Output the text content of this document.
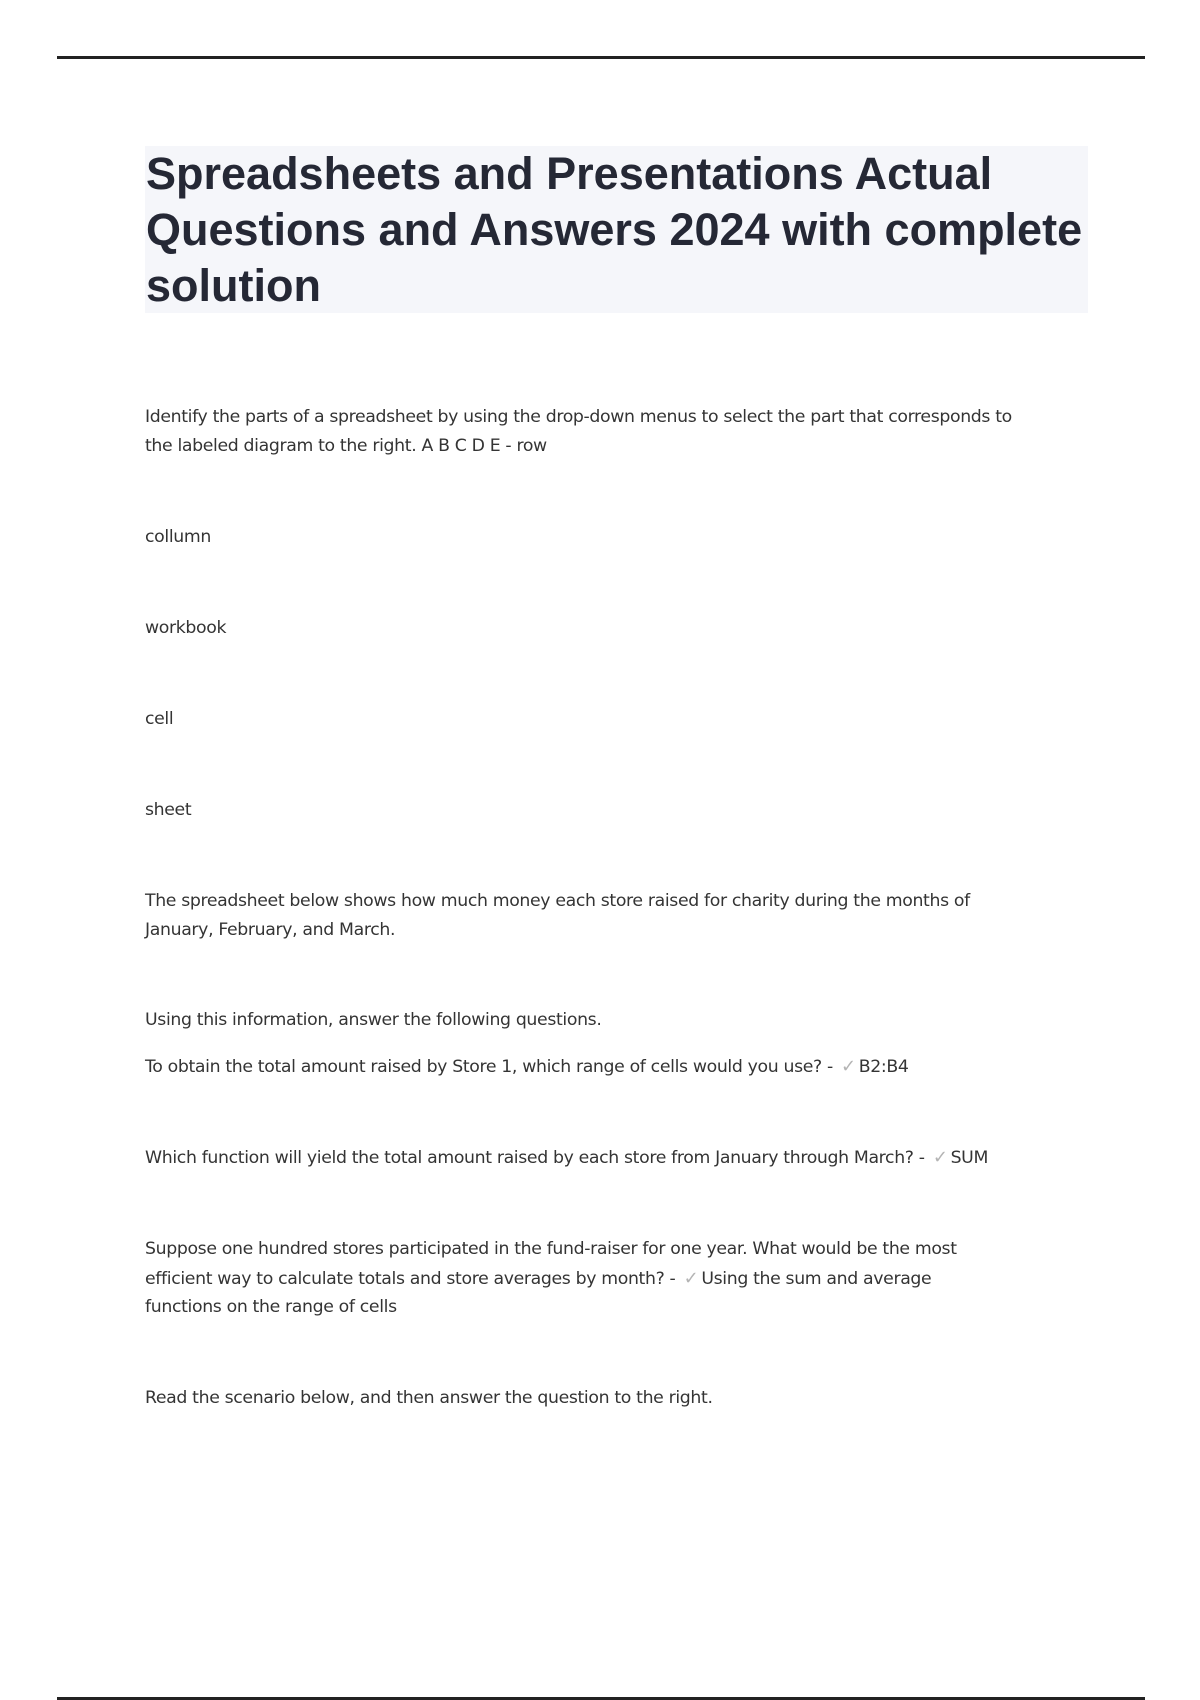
Spreadsheets and Presentations Actual Questions and Answers 2024 with complete solution

Identify the parts of a spreadsheet by using the drop-down menus to select the part that corresponds to

the labeled diagram to the right. A B C D E - row

collumn

workbook

cell

sheet

The spreadsheet below shows how much money each store raised for charity during the months of

January, February, and March.

Using this information, answer the following questions.

To obtain the total amount raised by Store 1, which range of cells would you use? - ✓ B2:B4

Which function will yield the total amount raised by each store from January through March? - ✓ SUM

Suppose one hundred stores participated in the fund-raiser for one year. What would be the most

efficient way to calculate totals and store averages by month? - ✓ Using the sum and average

functions on the range of cells

Read the scenario below, and then answer the question to the right.
